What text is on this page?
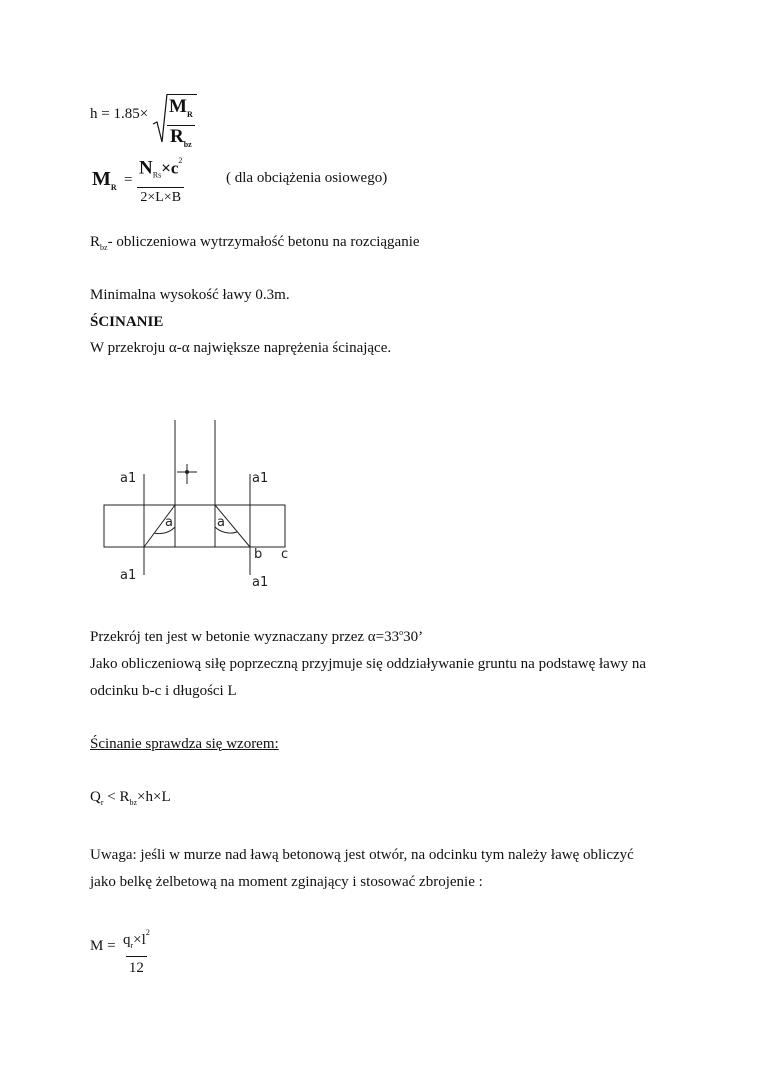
$h = 1.85\times M_R$
$R_{bz}$
$M_R$ =
$N_{Rs}\times c^2$
2×L×B
( dla obciążenia osiowego)
$R_{bz}-$ obliczeniowa wytrzymałość betonu na rozciąganie
Minimalna wysokość ławy 0.3m.
ŚCINANIE
W przekroju α-α największe naprężenia ścinające.
a1	a1
a1	a1
a	a
b c
Przekrój ten jest w betonie wyznaczany przez $\alpha=33^o30$’
Jako obliczeniową siłę poprzeczną przyjmuje się oddziaływanie gruntu na podstawę ławy na
odcinku b-c i długości L
Ścinanie sprawdza się wzorem:
$Q_r < R_{bz}\times h\times L$
Uwaga: jeśli w murze nad ławą betonową jest otwór, na odcinku tym należy ławę obliczyć
jako belkę żelbetową na moment zginający i stosować zbrojenie :
$M = \frac{q_r\times l^2}{12}$
